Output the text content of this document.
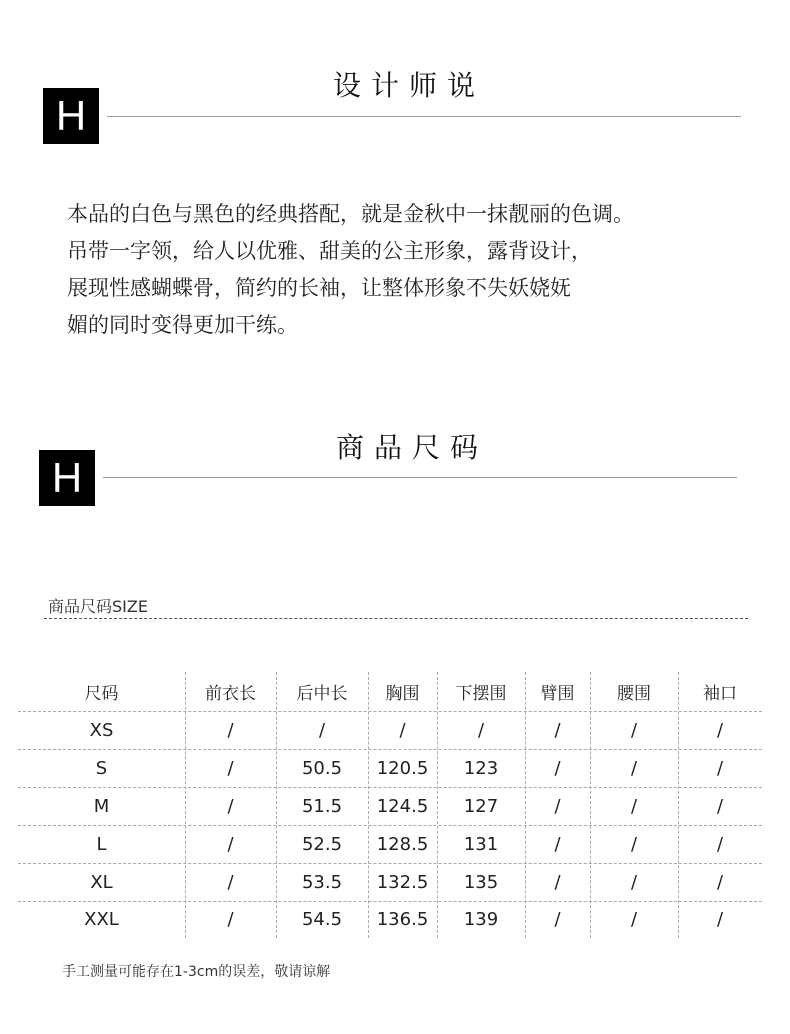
H
设计师说
本品的白色与黑色的经典搭配，就是金秋中一抹靓丽的色调。
吊带一字领，给人以优雅、甜美的公主形象，露背设计，
展现性感蝴蝶骨，简约的长袖，让整体形象不失妖娆妩
媚的同时变得更加干练。
H
商品尺码
商品尺码SIZE
尺码	前衣长	后中长	胸围	下摆围	臂围	腰围	袖口
XS	/	/	/	/	/	/	/
S	/	50.5	120.5	123	/	/	/
M	/	51.5	124.5	127	/	/	/
L	/	52.5	128.5	131	/	/	/
XL	/	53.5	132.5	135	/	/	/
XXL	/	54.5	136.5	139	/	/	/
手工测量可能存在1-3cm的误差，敬请谅解
